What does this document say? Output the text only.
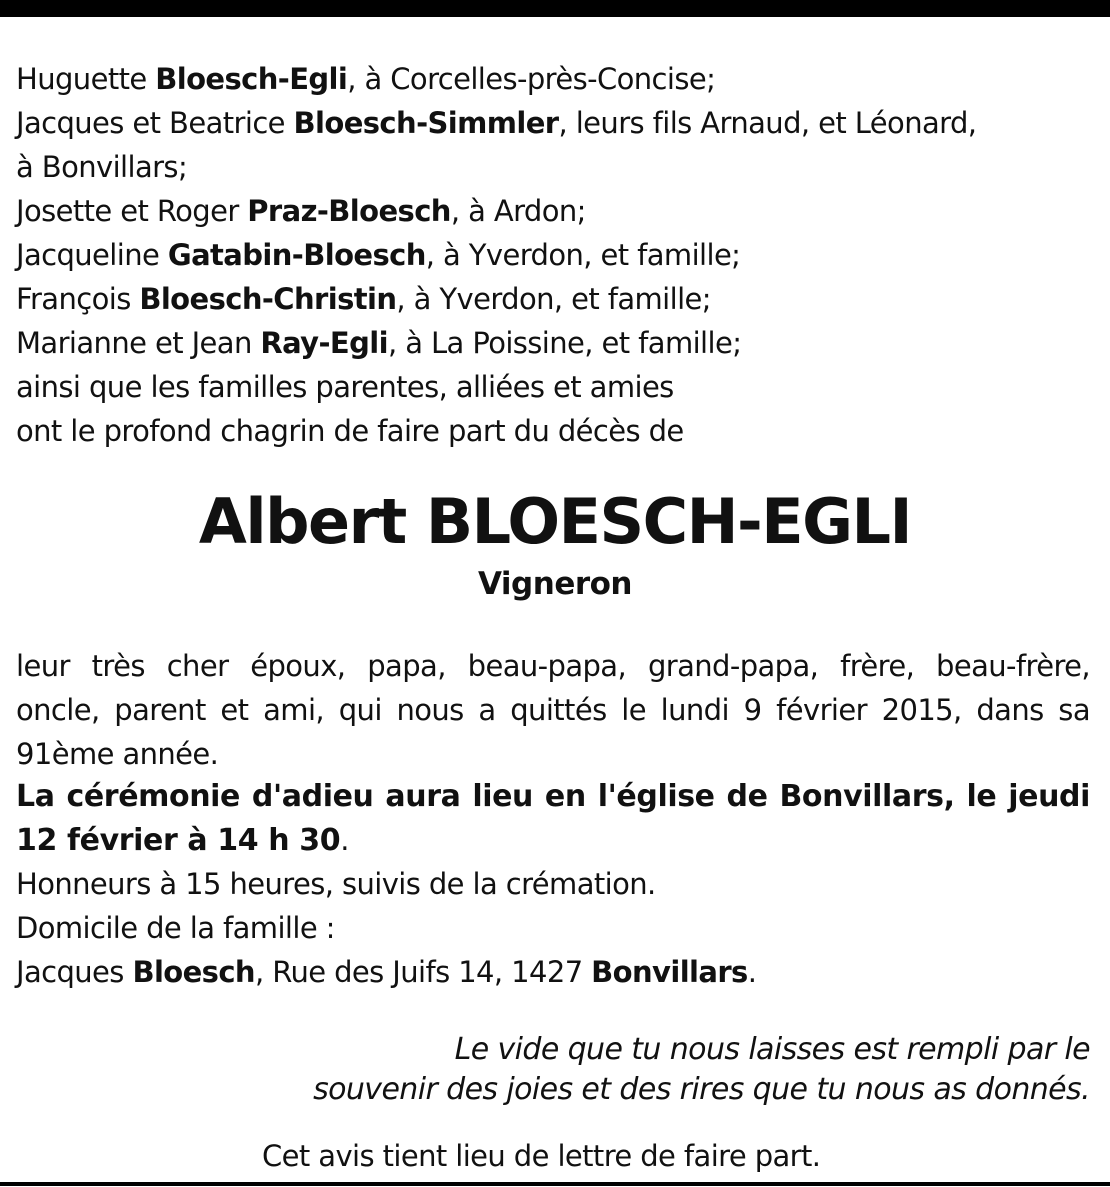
Huguette Bloesch-Egli, à Corcelles-près-Concise;
Jacques et Beatrice Bloesch-Simmler, leurs fils Arnaud, et Léonard,
à Bonvillars;
Josette et Roger Praz-Bloesch, à Ardon;
Jacqueline Gatabin-Bloesch, à Yverdon, et famille;
François Bloesch-Christin, à Yverdon, et famille;
Marianne et Jean Ray-Egli, à La Poissine, et famille;
ainsi que les familles parentes, alliées et amies
ont le profond chagrin de faire part du décès de
Albert BLOESCH-EGLI
Vigneron
leur très cher époux, papa, beau-papa, grand-papa, frère, beau-frère,
oncle, parent et ami, qui nous a quittés le lundi 9 février 2015, dans sa
91ème année.
La cérémonie d'adieu aura lieu en l'église de Bonvillars, le jeudi
12 février à 14 h 30.
Honneurs à 15 heures, suivis de la crémation.
Domicile de la famille :
Jacques Bloesch, Rue des Juifs 14, 1427 Bonvillars.
Le vide que tu nous laisses est rempli par le
souvenir des joies et des rires que tu nous as donnés.
Cet avis tient lieu de lettre de faire part.
